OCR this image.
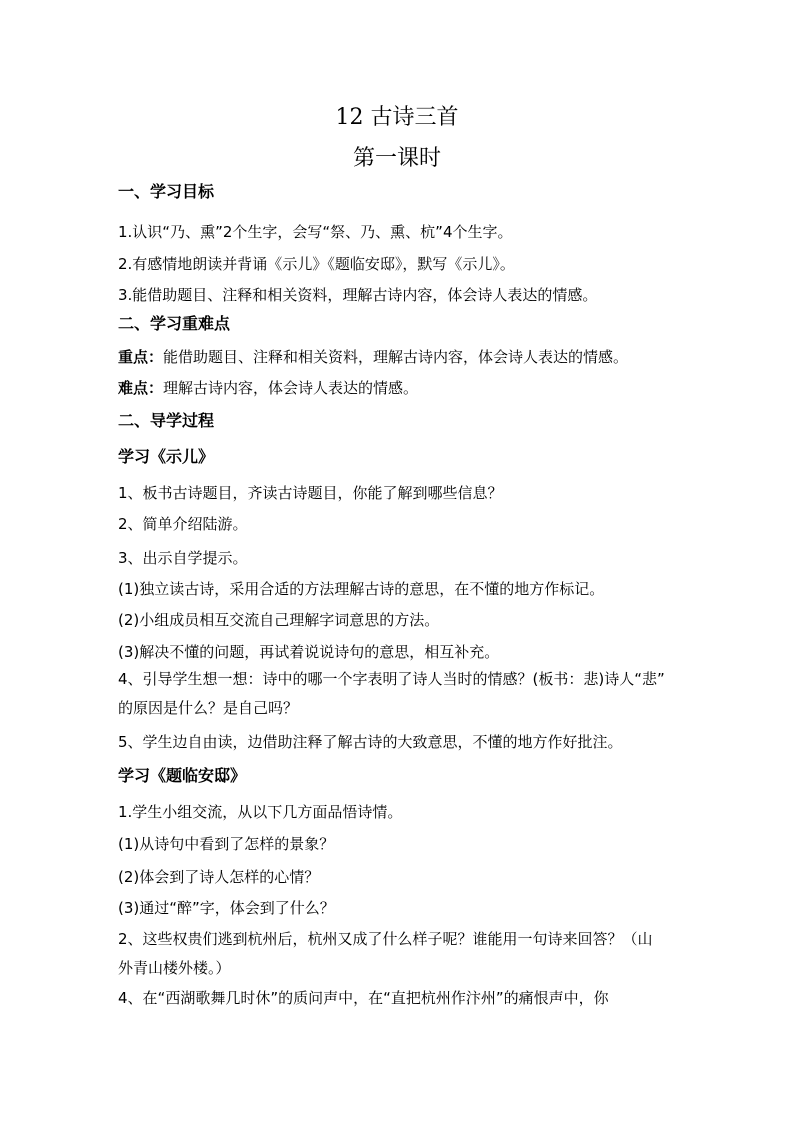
12 古诗三首
第一课时
一、学习目标
1.认识“乃、熏”2个生字，会写“祭、乃、熏、杭”4个生字。
2.有感情地朗读并背诵《示儿》《题临安邸》，默写《示儿》。
3.能借助题目、注释和相关资料，理解古诗内容，体会诗人表达的情感。
二、学习重难点
重点：能借助题目、注释和相关资料，理解古诗内容，体会诗人表达的情感。
难点：理解古诗内容，体会诗人表达的情感。
二、导学过程
学习《示儿》
1、板书古诗题目，齐读古诗题目，你能了解到哪些信息？
2、简单介绍陆游。
3、出示自学提示。
(1)独立读古诗，采用合适的方法理解古诗的意思，在不懂的地方作标记。
(2)小组成员相互交流自己理解字词意思的方法。
(3)解决不懂的问题，再试着说说诗句的意思，相互补充。
4、引导学生想一想：诗中的哪一个字表明了诗人当时的情感？(板书：悲)诗人“悲”
的原因是什么？是自己吗？
5、学生边自由读，边借助注释了解古诗的大致意思，不懂的地方作好批注。
学习《题临安邸》
1.学生小组交流，从以下几方面品悟诗情。
(1)从诗句中看到了怎样的景象？
(2)体会到了诗人怎样的心情？
(3)通过“醉”字，体会到了什么？
2、这些权贵们逃到杭州后，杭州又成了什么样子呢？谁能用一句诗来回答？（山
外青山楼外楼。）
4、在“西湖歌舞几时休”的质问声中，在“直把杭州作汴州”的痛恨声中，你
